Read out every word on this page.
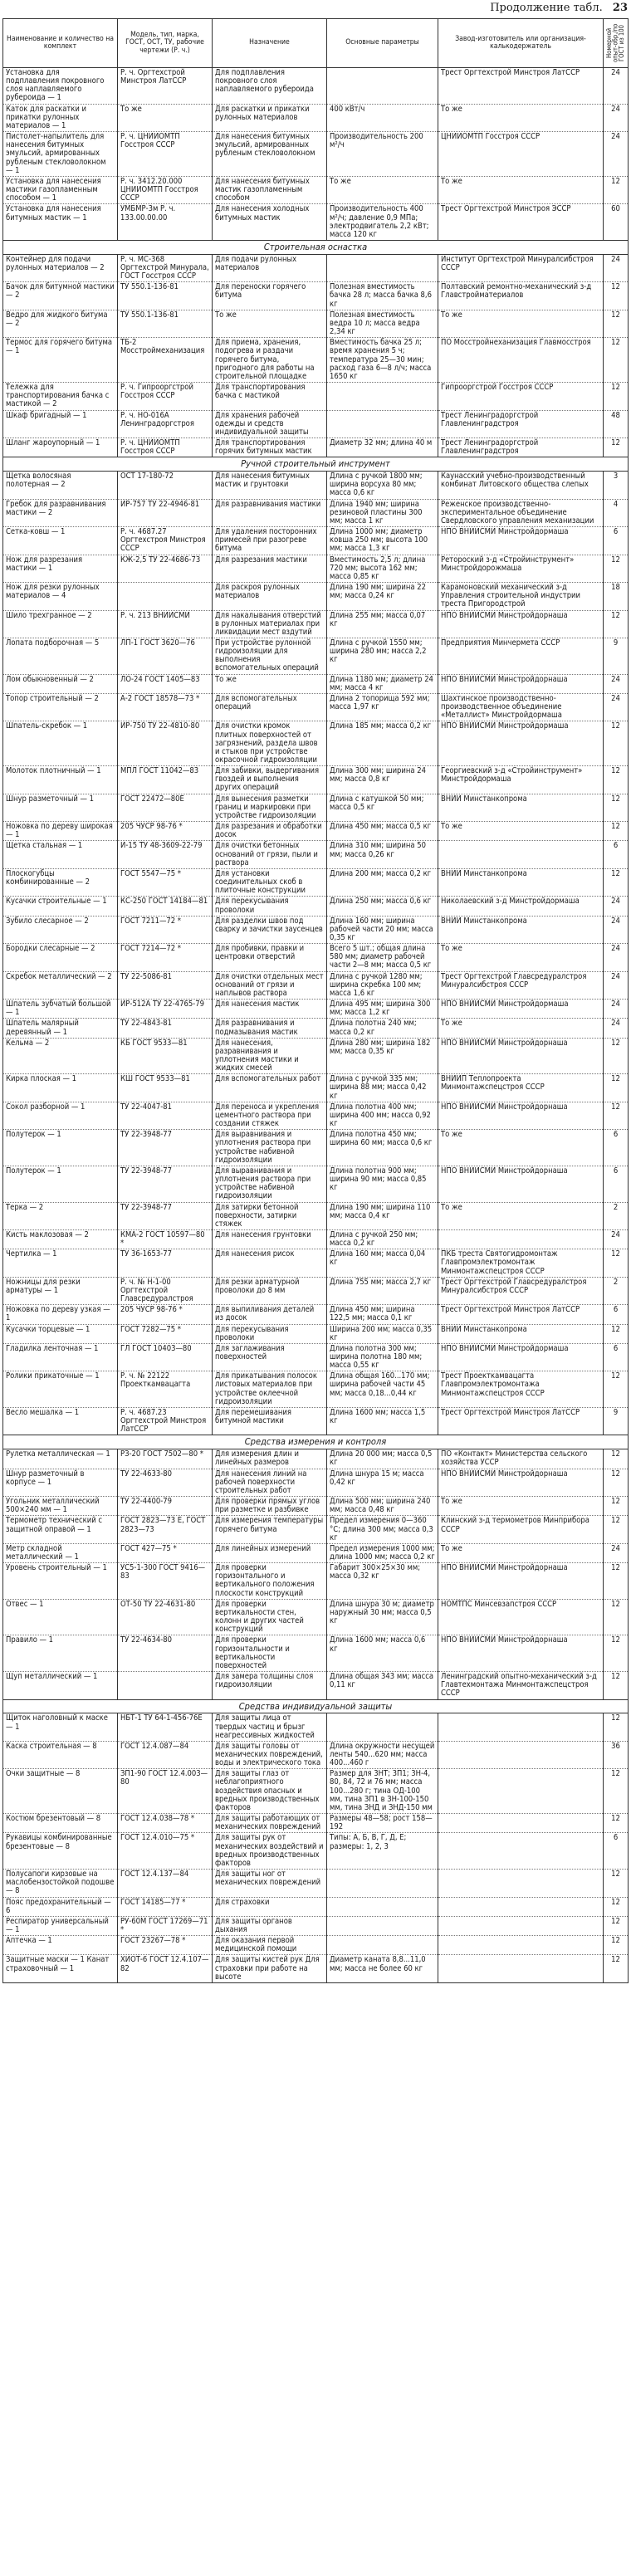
Продолжение табл. 23
Наименование и количество на комплект	Модель, тип, марка, ГОСТ, ОСТ, ТУ, рабочие чертежи (Р. ч.)	Назначение	Основные параметры	Завод-изготовитель или организация-калькодержатель	Номерной опыт-обр./по ГОСТ из 100

Установка для подплавления покровного слоя наплавляемого рубероида — 1	Р. ч. Оргтехстрой Минстроя ЛатССР	Для подплавления покровного слоя наплавляемого рубероида		Трест Оргтехстрой Минстроя ЛатССР	24
Каток для раскатки и прикатки рулонных материалов — 1	То же	Для раскатки и прикатки рулонных материалов	400 кВт/ч	То же	24
Пистолет-напылитель для нанесения битумных эмульсий, армированных рубленым стекловолокном — 1	Р. ч. ЦНИИОМТП Госстроя СССР	Для нанесения битумных эмульсий, армированных рубленым стекловолокном	Производительность 200 м²/ч	ЦНИИОМТП Госстроя СССР	24
Установка для нанесения мастики газопламенным способом — 1	Р. ч. 3412.20.000 ЦНИИОМТП Госстроя СССР	Для нанесения битумных мастик газопламенным способом	То же	То же	12
Установка для нанесения битумных мастик — 1	УМБМР-3м Р. ч. 133.00.00.00	Для нанесения холодных битумных мастик	Производительность 400 м²/ч; давление 0,9 МПа; электродвигатель 2,2 кВт; масса 120 кг	Трест Оргтехстрой Минстроя ЭССР	60
Строительная оснастка					
Контейнер для подачи рулонных материалов — 2	Р. ч. МС-368 Оргтехстрой Минурала, ГОСТ Госстроя СССР	Для подачи рулонных материалов		Институт Оргтехстрой Минуралсибстроя СССР	24
Бачок для битумной мастики — 2	ТУ 550.1-136-81	Для переноски горячего битума	Полезная вместимость бачка 28 л; масса бачка 8,6 кг	Полтавский ремонтно-механический з-д Главстройматериалов	12
Ведро для жидкого битума — 2	ТУ 550.1-136-81	То же	Полезная вместимость ведра 10 л; масса ведра 2,34 кг	То же	12
Термос для горячего битума — 1	ТБ-2 Мосстроймеханизация	Для приема, хранения, подогрева и раздачи горячего битума, пригодного для работы на строительной площадке	Вместимость бачка 25 л; время хранения 5 ч; температура 25—30 мин; расход газа 6—8 л/ч; масса 1650 кг	ПО Мосстройнеханизация Главмосстроя	12
Тележка для транспортирования бачка с мастикой — 2	Р. ч. Гипрооргстрой Госстроя СССР	Для транспортирования бачка с мастикой		Гипрооргстрой Госстроя СССР	12
Шкаф бригадный — 1	Р. ч. НО-016А Ленинградоргстроя	Для хранения рабочей одежды и средств индивидуальной защиты		Трест Ленинградоргстрой Главленинградстроя	48
Шланг жароупорный — 1	Р. ч. ЦНИИОМТП Госстроя СССР	Для транспортирования горячих битумных мастик	Диаметр 32 мм; длина 40 м	Трест Ленинградоргстрой Главленинградстроя	12
Ручной строительный инструмент					
Щетка волосяная полотерная — 2	ОСТ 17-180-72	Для нанесения битумных мастик и грунтовки	Длина с ручкой 1800 мм; ширина ворсуха 80 мм; масса 0,6 кг	Каунасский учебно-производственный комбинат Литовского общества слепых	3
Гребок для разравнивания мастики — 2	ИР-757 ТУ 22-4946-81	Для разравнивания мастики	Длина 1940 мм; ширина резиновой пластины 300 мм; масса 1 кг	Реженское производственно-экспериментальное объединение Свердловского управления механизации	4
Сетка-ковш — 1	Р. ч. 4687.27 Оргтехстроя Минстроя СССР	Для удаления посторонних примесей при разогреве битума	Длина 1000 мм; диаметр ковша 250 мм; высота 100 мм; масса 1,3 кг	НПО ВНИИСМИ Минстройдормаша	6
Нож для разрезания мастики — 1	КЖ-2,5 ТУ 22-4686-73	Для разрезания мастики	Вместимость 2,5 л; длина 720 мм; высота 162 мм; масса 0,85 кг	Ретороский з-д «Стройинструмент» Минстройдорожмаша	12
Нож для резки рулонных материалов — 4		Для раскроя рулонных материалов	Длина 190 мм; ширина 22 мм; масса 0,24 кг	Карамоновский механический з-д Управления строительной индустрии треста Пригородстрой	18
Шило трехгранное — 2	Р. ч. 213 ВНИИСМИ	Для накалывания отверстий в рулонных материалах при ликвидации мест вздутий	Длина 255 мм; масса 0,07 кг	НПО ВНИИСМИ Минстройдорнаша	12
Лопата подборочная — 5	ЛП-1 ГОСТ 3620—76	При устройстве рулонной гидроизоляции для выполнения вспомогательных операций	Длина с ручкой 1550 мм; ширина 280 мм; масса 2,2 кг	Предприятия Минчермета СССР	9
Лом обыкновенный — 2	ЛО-24 ГОСТ 1405—83	То же	Длина 1180 мм; диаметр 24 мм; масса 4 кг	НПО ВНИИСМИ Минстройдорнаша	24
Топор строительный — 2	А-2 ГОСТ 18578—73 *	Для вспомогательных операций	Длина 2 топорища 592 мм; масса 1,97 кг	Шахтинское производственно-производственное объединение «Металлист» Минстройдормаша	24
Шпатель-скребок — 1	ИР-750 ТУ 22-4810-80	Для очистки кромок плитных поверхностей от загрязнений, раздела швов и стыков при устройстве окрасочной гидроизоляции	Длина 185 мм; масса 0,2 кг	НПО ВНИИСМИ Минстройдормаша	12
Молоток плотничный — 1	МПЛ ГОСТ 11042—83	Для забивки, выдергивания гвоздей и выполнения других операций	Длина 300 мм; ширина 24 мм; масса 0,8 кг	Георгиевский з-д «Стройинструмент» Минстройдормаша	12
Шнур разметочный — 1	ГОСТ 22472—80Е	Для вынесения разметки границ и маркировки при устройстве гидроизоляции	Длина с катушкой 50 мм; масса 0,5 кг	ВНИИ Минстанкопрома	12
Ножовка по дереву широкая — 1	205 ЧУСР 98-76 *	Для разрезания и обработки досок	Длина 450 мм; масса 0,5 кг	То же	12
Щетка стальная — 1	И-15 ТУ 48-3609-22-79	Для очистки бетонных оснований от грязи, пыли и раствора	Длина 310 мм; ширина 50 мм; масса 0,26 кг		6
Плоскогубцы комбинированные — 2	ГОСТ 5547—75 *	Для установки соединительных скоб в плиточные конструкции	Длина 200 мм; масса 0,2 кг	ВНИИ Минстанкопрома	12
Кусачки строительные — 1	КС-250 ГОСТ 14184—81	Для перекусывания проволоки	Длина 250 мм; масса 0,6 кг	Николаевский з-д Минстройдормаша	24
Зубило слесарное — 2	ГОСТ 7211—72 *	Для разделки швов под сварку и зачистки заусенцев	Длина 160 мм; ширина рабочей части 20 мм; масса 0,35 кг	ВНИИ Минстанкопрома	24
Бородки слесарные — 2	ГОСТ 7214—72 *	Для пробивки, правки и центровки отверстий	Всего 5 шт.; общая длина 580 мм; диаметр рабочей части 2—8 мм; масса 0,5 кг	То же	24
Скребок металлический — 2	ТУ 22-5086-81	Для очистки отдельных мест оснований от грязи и наплывов раствора	Длина с ручкой 1280 мм; ширина скребка 100 мм; масса 1,6 кг	Трест Оргтехстрой Главсредуралстроя Минуралсибстроя СССР	24
Шпатель зубчатый большой — 1	ИР-512А ТУ 22-4765-79	Для нанесения мастик	Длина 495 мм; ширина 300 мм; масса 1,2 кг	НПО ВНИИСМИ Минстройдормаша	24
Шпатель малярный деревянный — 1	ТУ 22-4843-81	Для разравнивания и подмазывания мастик	Длина полотна 240 мм; масса 0,2 кг	То же	24
Кельма — 2	КБ ГОСТ 9533—81	Для нанесения, разравнивания и уплотнения мастики и жидких смесей	Длина 280 мм; ширина 182 мм; масса 0,35 кг	НПО ВНИИСМИ Минстройдорнаша	12
Кирка плоская — 1	КШ ГОСТ 9533—81	Для вспомогательных работ	Длина с ручкой 335 мм; ширина 88 мм; масса 0,42 кг	ВНИИП Теплопроекта Минмонтажспецстроя СССР	12
Сокол разборной — 1	ТУ 22-4047-81	Для переноса и укрепления цементного раствора при создании стяжек	Длина полотна 400 мм; ширина 400 мм; масса 0,92 кг	НПО ВНИИСМИ Минстройдорнаша	12
Полутерок — 1	ТУ 22-3948-77	Для выравнивания и уплотнения раствора при устройстве набивной гидроизоляции	Длина полотна 450 мм; ширина 60 мм; масса 0,6 кг	То же	6
Полутерок — 1	ТУ 22-3948-77	Для выравнивания и уплотнения раствора при устройстве набивной гидроизоляции	Длина полотна 900 мм; ширина 90 мм; масса 0,85 кг	НПО ВНИИСМИ Минстройдорнаша	6
Терка — 2	ТУ 22-3948-77	Для затирки бетонной поверхности, затирки стяжек	Длина 190 мм; ширина 110 мм; масса 0,4 кг	То же	2
Кисть маклозовая — 2	КМА-2 ГОСТ 10597—80 *	Для нанесения грунтовки	Длина с ручкой 250 мм; масса 0,2 кг		24
Чертилка — 1	ТУ 36-1653-77	Для нанесения рисок	Длина 160 мм; масса 0,04 кг	ПКБ треста Святогидромонтаж Главпромэлектромонтаж Минмонтажспецстроя СССР	12
Ножницы для резки арматуры — 1	Р. ч. № Н-1-00 Оргтехстрой Главсредуралстроя	Для резки арматурной проволоки до 8 мм	Длина 755 мм; масса 2,7 кг	Трест Оргтехстрой Главсредуралстроя Минуралсибстроя СССР	2
Ножовка по дереву узкая — 1	205 ЧУСР 98-76 *	Для выпиливания деталей из досок	Длина 450 мм; ширина 122,5 мм; масса 0,1 кг	Трест Оргтехстрой Минстроя ЛатССР	6
Кусачки торцевые — 1	ГОСТ 7282—75 *	Для перекусывания проволоки	Ширина 200 мм; масса 0,35 кг	ВНИИ Минстанкопрома	12
Гладилка ленточная — 1	ГЛ ГОСТ 10403—80	Для заглаживания поверхностей	Длина полотна 300 мм; ширина полотна 180 мм; масса 0,55 кг	НПО ВНИИСМИ Минстройдормаша	6
Ролики прикаточные — 1	Р. ч. № 22122 Проекткамвацагта	Для прикатывания полосок листовых материалов при устройстве оклеечной гидроизоляции	Длина общая 160...170 мм; ширина рабочей части 45 мм; масса 0,18...0,44 кг	Трест Проекткамвацагта Главпромэлектромонтажа Минмонтажспецстроя СССР	12
Весло мешалка — 1	Р. ч. 4687.23 Оргтехстрой Минстроя ЛатССР	Для перемешивания битумной мастики	Длина 1600 мм; масса 1,5 кг	Трест Оргтехстрой Минстроя ЛатССР	9
Средства измерения и контроля					
Рулетка металлическая — 1	РЗ-20 ГОСТ 7502—80 *	Для измерения длин и линейных размеров	Длина 20 000 мм; масса 0,5 кг	ПО «Контакт» Министерства сельского хозяйства УССР	12
Шнур разметочный в корпусе — 1	ТУ 22-4633-80	Для нанесения линий на рабочей поверхности строительных работ	Длина шнура 15 м; масса 0,42 кг	НПО ВНИИСМИ Минстройдорнаша	12
Угольник металлический 500×240 мм — 1	ТУ 22-4400-79	Для проверки прямых углов при разметке и разбивке	Длина 500 мм; ширина 240 мм; масса 0,48 кг	То же	12
Термометр технический с защитной оправой — 1	ГОСТ 2823—73 Е, ГОСТ 2823—73	Для измерения температуры горячего битума	Предел измерения 0—360 °С; длина 300 мм; масса 0,3 кг	Клинский з-д термометров Минприбора СССР	12
Метр складной металлический — 1	ГОСТ 427—75 *	Для линейных измерений	Предел измерения 1000 мм; длина 1000 мм; масса 0,2 кг	То же	24
Уровень строительный — 1	УС5-1-300 ГОСТ 9416—83	Для проверки горизонтального и вертикального положения плоскости конструкций	Габарит 300×25×30 мм; масса 0,32 кг	НПО ВНИИСМИ Минстройдорнаша	12
Отвес — 1	ОТ-50 ТУ 22-4631-80	Для проверки вертикальности стен, колонн и других частей конструкций	Длина шнура 30 м; диаметр наружный 30 мм; масса 0,5 кг	НОМТПС Минсевзапстроя СССР	12
Правило — 1	ТУ 22-4634-80	Для проверки горизонтальности и вертикальности поверхностей	Длина 1600 мм; масса 0,6 кг	НПО ВНИИСМИ Минстройдорнаша	12
Щуп металлический — 1		Для замера толщины слоя гидроизоляции	Длина общая 343 мм; масса 0,11 кг	Ленинградский опытно-механический з-д Главтехмонтажа Минмонтажспецстроя СССР	12
Средства индивидуальной защиты					
Щиток наголовный к маске — 1	НБТ-1 ТУ 64-1-456-76Е	Для защиты лица от твердых частиц и брызг неагрессивных жидкостей			12
Каска строительная — 8	ГОСТ 12.4.087—84	Для защиты головы от механических повреждений, воды и электрического тока	Длина окружности несущей ленты 540...620 мм; масса 400...460 г		36
Очки защитные — 8	ЗП1-90 ГОСТ 12.4.003—80	Для защиты глаз от неблагоприятного воздействия опасных и вредных производственных факторов	Размер для 3НТ; 3П1; 3Н-4, 80, 84, 72 и 76 мм; масса 100...280 г; тина ОД-100 мм, тина ЗП1 в ЗН-100-150 мм, тина ЗНД и ЗНД-150 мм		12
Костюм брезентовый — 8	ГОСТ 12.4.038—78 *	Для защиты работающих от механических повреждений	Размеры 48—58; рост 158—192		12
Рукавицы комбинированные брезентовые — 8	ГОСТ 12.4.010—75 *	Для защиты рук от механических воздействий и вредных производственных факторов	Типы: А, Б, В, Г, Д, Е; размеры: 1, 2, 3		6
Полусапоги кирзовые на маслобензостойкой подошве — 8	ГОСТ 12.4.137—84	Для защиты ног от механических повреждений			12
Пояс предохранительный — 6	ГОСТ 14185—77 *	Для страховки			12
Респиратор универсальный — 1	РУ-60М ГОСТ 17269—71 *	Для защиты органов дыхания			12
Аптечка — 1	ГОСТ 23267—78 *	Для оказания первой медицинской помощи			12
Защитные маски — 1 Канат страховочный — 1	ХИОТ-6 ГОСТ 12.4.107—82	Для защиты кистей рук Для страховки при работе на высоте	Диаметр каната 8,8...11,0 мм; масса не более 60 кг		12
